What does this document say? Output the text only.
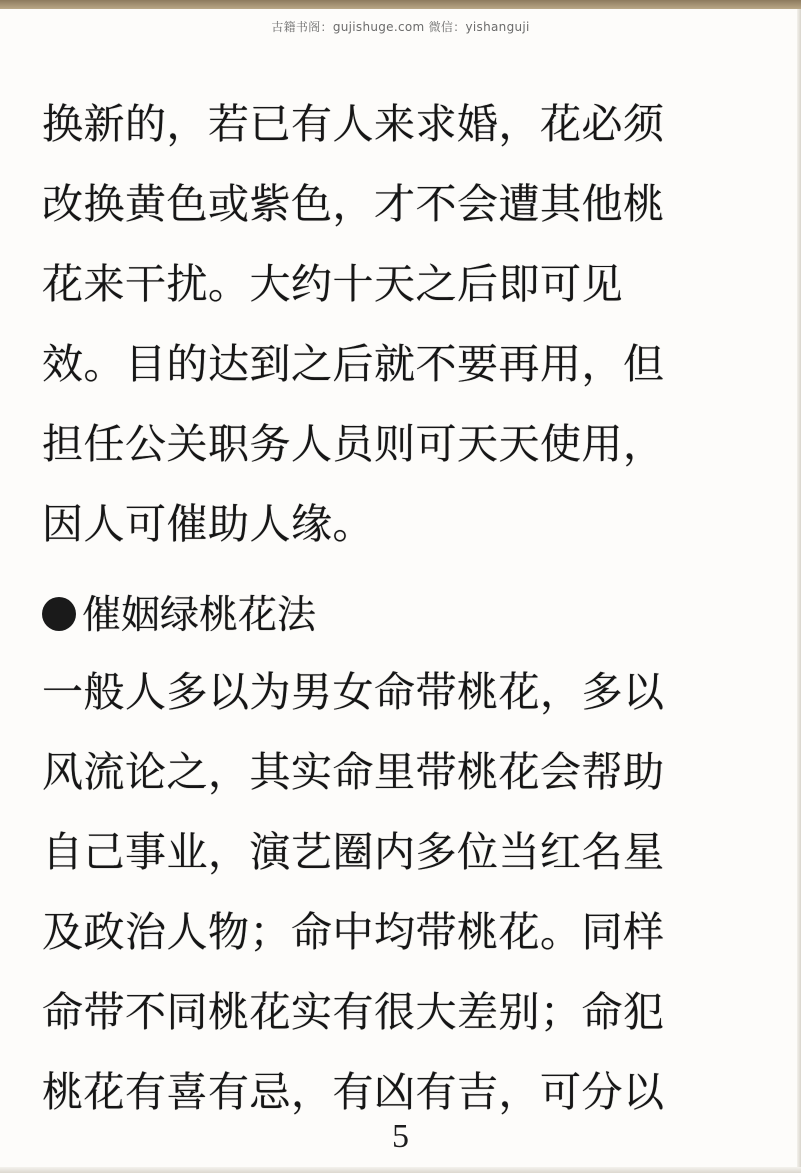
古籍书阁：gujishuge.com 微信：yishanguji
换新的，若已有人来求婚，花必须
改换黄色或紫色，才不会遭其他桃
花来干扰。大约十天之后即可见
效。目的达到之后就不要再用，但
担任公关职务人员则可天天使用，
因人可催助人缘。
催姻绿桃花法
一般人多以为男女命带桃花，多以
风流论之，其实命里带桃花会帮助
自己事业，演艺圈内多位当红名星
及政治人物；命中均带桃花。同样
命带不同桃花实有很大差别；命犯
桃花有喜有忌，有凶有吉，可分以
5
